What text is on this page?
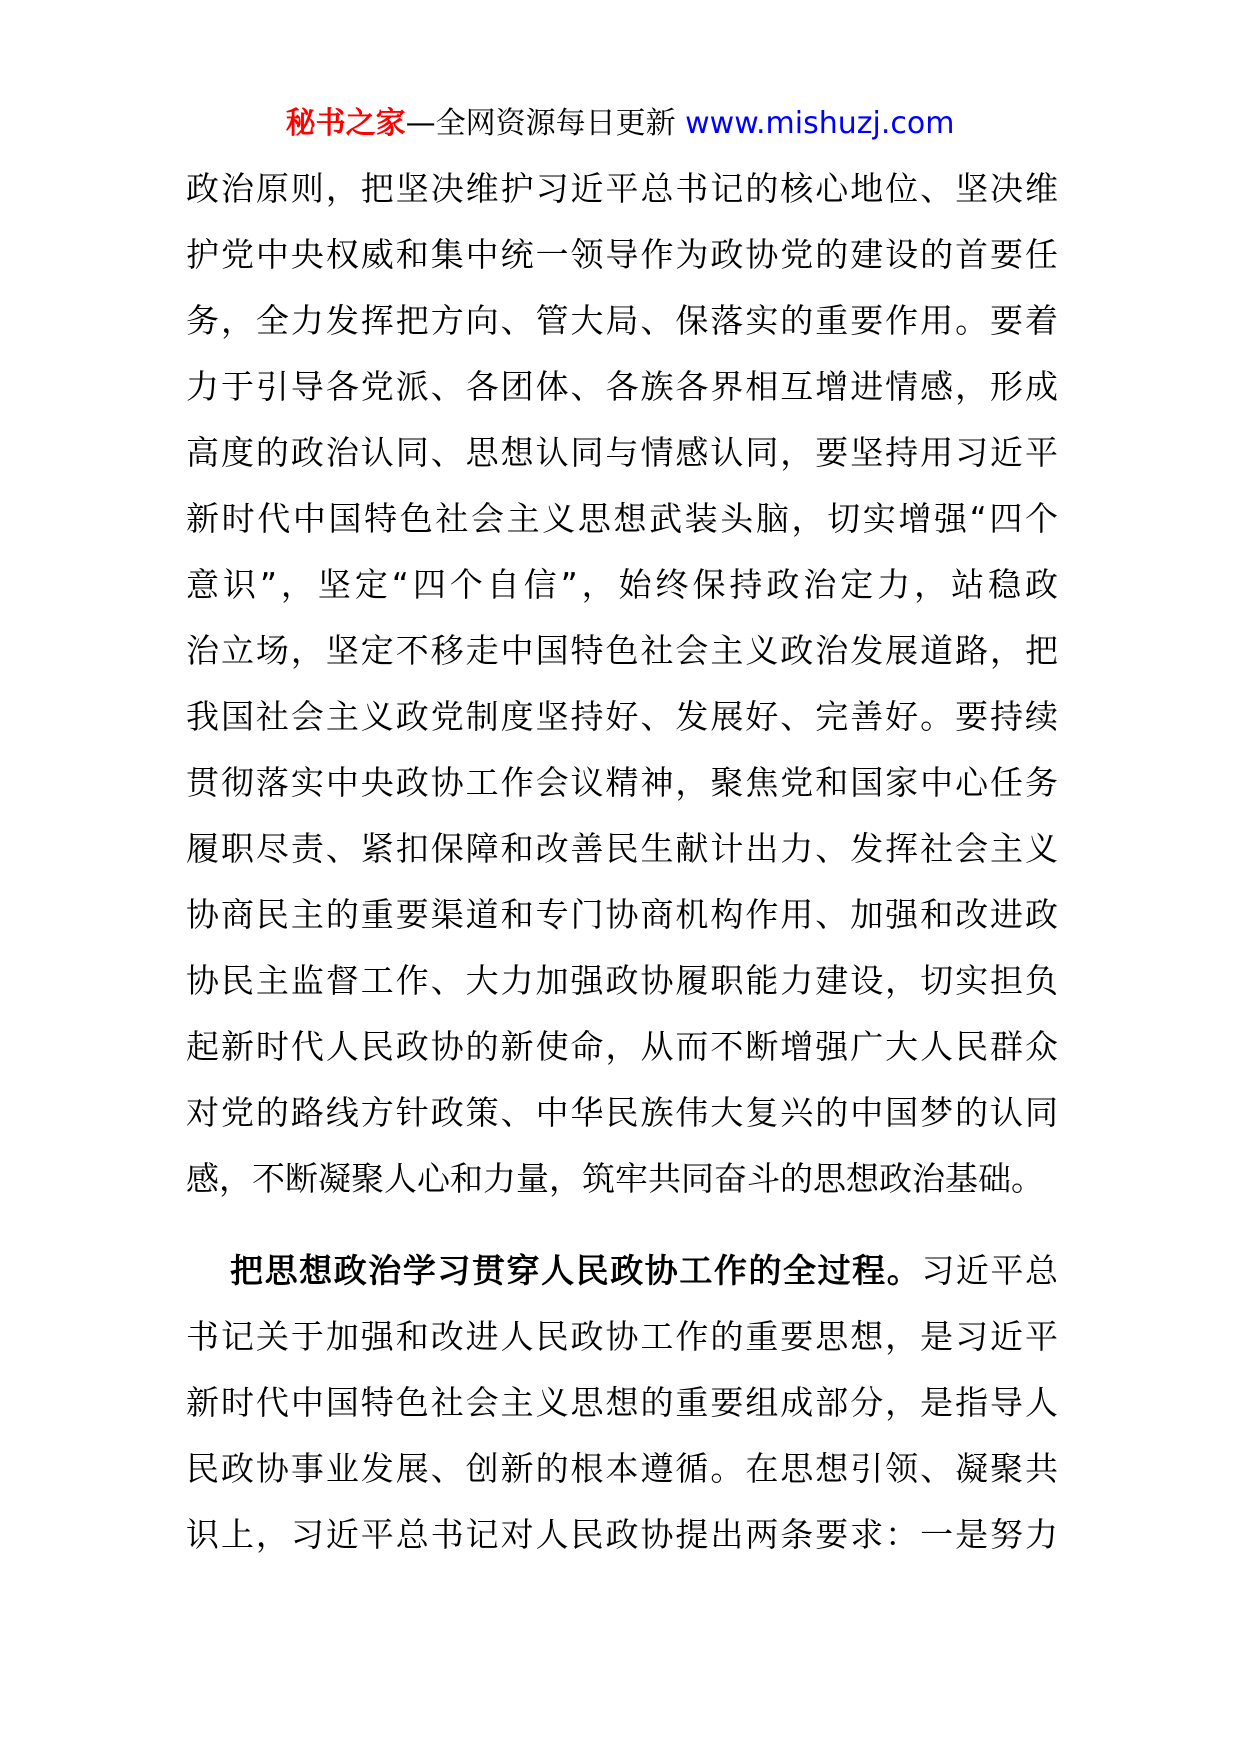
秘书之家—全网资源每日更新 www.mishuzj.com
政治原则，把坚决维护习近平总书记的核心地位、坚决维
护党中央权威和集中统一领导作为政协党的建设的首要任
务，全力发挥把方向、管大局、保落实的重要作用。要着
力于引导各党派、各团体、各族各界相互增进情感，形成
高度的政治认同、思想认同与情感认同，要坚持用习近平
新时代中国特色社会主义思想武装头脑，切实增强“四个
意识”，坚定“四个自信”，始终保持政治定力，站稳政
治立场，坚定不移走中国特色社会主义政治发展道路，把
我国社会主义政党制度坚持好、发展好、完善好。要持续
贯彻落实中央政协工作会议精神，聚焦党和国家中心任务
履职尽责、紧扣保障和改善民生献计出力、发挥社会主义
协商民主的重要渠道和专门协商机构作用、加强和改进政
协民主监督工作、大力加强政协履职能力建设，切实担负
起新时代人民政协的新使命，从而不断增强广大人民群众
对党的路线方针政策、中华民族伟大复兴的中国梦的认同
感，不断凝聚人心和力量，筑牢共同奋斗的思想政治基础。
把思想政治学习贯穿人民政协工作的全过程。习近平总
书记关于加强和改进人民政协工作的重要思想，是习近平
新时代中国特色社会主义思想的重要组成部分，是指导人
民政协事业发展、创新的根本遵循。在思想引领、凝聚共
识上，习近平总书记对人民政协提出两条要求：一是努力
